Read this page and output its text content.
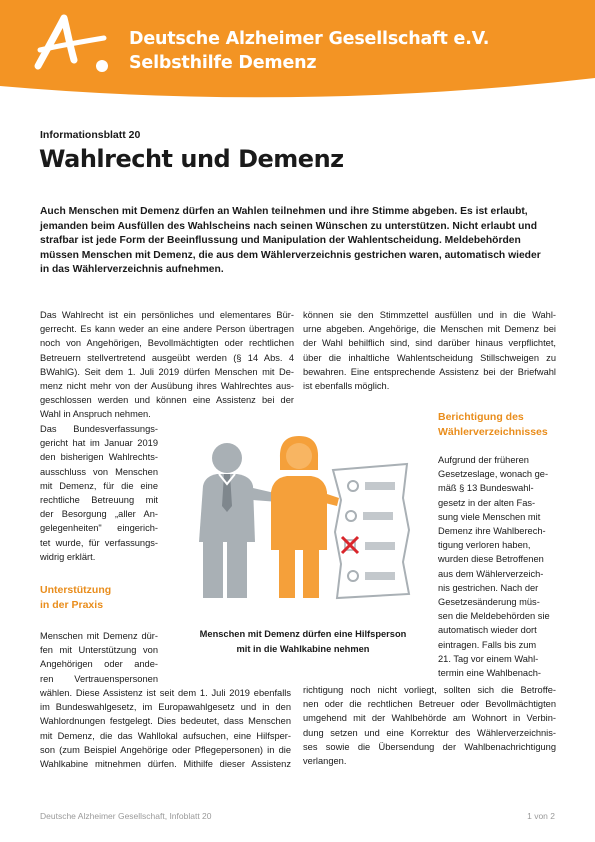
Deutsche Alzheimer Gesellschaft e.V.
Selbsthilfe Demenz
Informationsblatt 20
Wahlrecht und Demenz
Auch Menschen mit Demenz dürfen an Wahlen teilnehmen und ihre Stimme abgeben. Es ist erlaubt,
jemanden beim Ausfüllen des Wahlscheins nach seinen Wünschen zu unterstützen. Nicht erlaubt und
strafbar ist jede Form der Beeinflussung und Manipulation der Wahlentscheidung. Meldebehörden
müssen Menschen mit Demenz, die aus dem Wählerverzeichnis gestrichen waren, automatisch wieder
in das Wählerverzeichnis aufnehmen.
Das Wahlrecht ist ein persönliches und elementares Bür-
gerrecht. Es kann weder an eine andere Person übertragen
noch von Angehörigen, Bevollmächtigten oder rechtlichen
Betreuern stellvertretend ausgeübt werden (§ 14 Abs. 4
BWahlG). Seit dem 1. Juli 2019 dürfen Menschen mit De-
menz nicht mehr von der Ausübung ihres Wahlrechtes aus-
geschlossen werden und können eine Assistenz bei der
Wahl in Anspruch nehmen.
Das Bundesverfassungs-
gericht hat im Januar 2019
den bisherigen Wahlrechts-
ausschluss von Menschen
mit Demenz, für die eine
rechtliche Betreuung mit
der Besorgung „aller An-
gelegenheiten" eingerich-
tet wurde, für verfassungs-
widrig erklärt.
Unterstützung
in der Praxis
Menschen mit Demenz dür-
fen mit Unterstützung von
Angehörigen oder ande-
ren Vertrauenspersonen
wählen. Diese Assistenz ist seit dem 1. Juli 2019 ebenfalls
im Bundeswahlgesetz, im Europawahlgesetz und in den
Wahlordnungen festgelegt. Dies bedeutet, dass Menschen
mit Demenz, die das Wahllokal aufsuchen, eine Hilfsper-
son (zum Beispiel Angehörige oder Pflegepersonen) in die
Wahlkabine mitnehmen dürfen. Mithilfe dieser Assistenz
können sie den Stimmzettel ausfüllen und in die Wahl-
urne abgeben. Angehörige, die Menschen mit Demenz bei
der Wahl behilflich sind, sind darüber hinaus verpflichtet,
über die inhaltliche Wahlentscheidung Stillschweigen zu
bewahren. Eine entsprechende Assistenz bei der Briefwahl
ist ebenfalls möglich.
Berichtigung des
Wählerverzeichnisses
Aufgrund der früheren
Gesetzeslage, wonach ge-
mäß § 13 Bundeswahl-
gesetz in der alten Fas-
sung viele Menschen mit
Demenz ihre Wahlberech-
tigung verloren haben,
wurden diese Betroffenen
aus dem Wählerverzeich-
nis gestrichen. Nach der
Gesetzesänderung müs-
sen die Meldebehörden sie
automatisch wieder dort
eintragen. Falls bis zum
21. Tag vor einem Wahl-
termin eine Wahlbenach-
richtigung noch nicht vorliegt, sollten sich die Betroffe-
nen oder die rechtlichen Betreuer oder Bevollmächtigten
umgehend mit der Wahlbehörde am Wohnort in Verbin-
dung setzen und eine Korrektur des Wählerverzeichnis-
ses sowie die Übersendung der Wahlbenachrichtigung
verlangen.
Menschen mit Demenz dürfen eine Hilfsperson
mit in die Wahlkabine nehmen
Deutsche Alzheimer Gesellschaft, Infoblatt 20	1 von 2
